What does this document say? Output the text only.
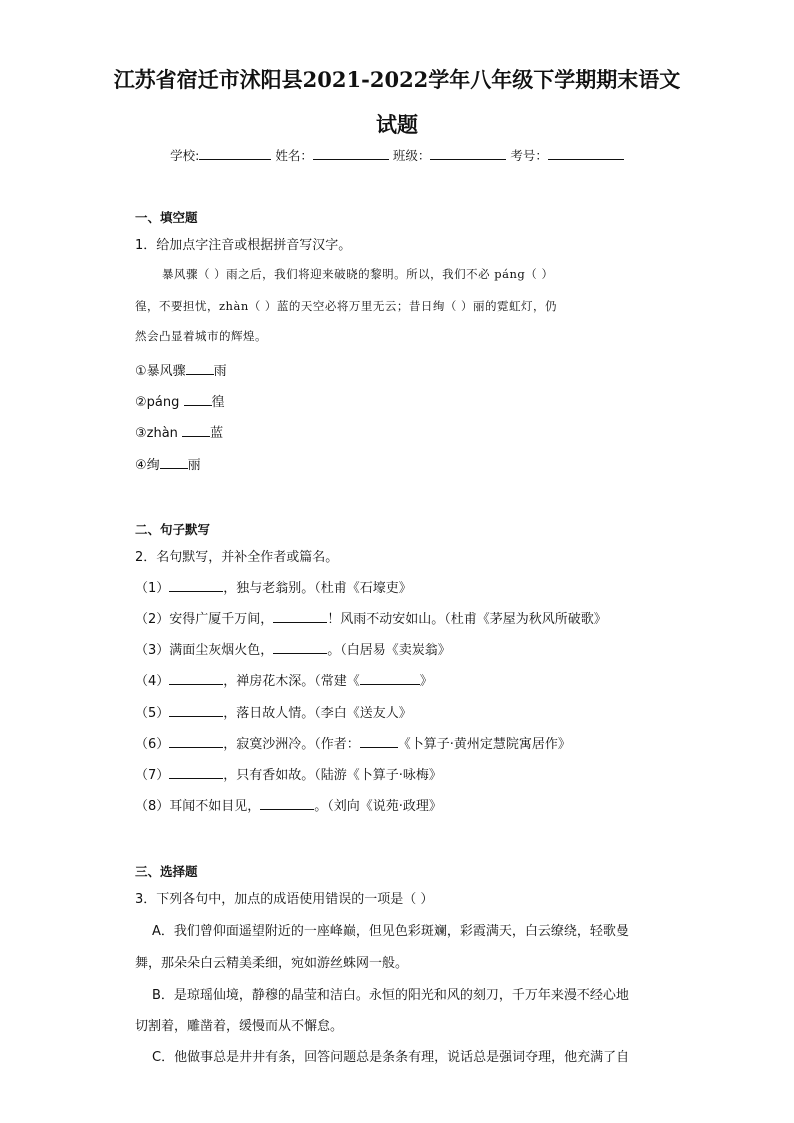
江苏省宿迁市沭阳县2021-2022学年八年级下学期期末语文
试题
学校:	姓名：	班级：	考号：
一、填空题
1．给加点字注音或根据拼音写汉字。
暴风骤（ ）雨之后，我们将迎来破晓的黎明。所以，我们不必 páng（ ）
徨，不要担忧，zhàn（ ）蓝的天空必将万里无云；昔日绚（ ）丽的霓虹灯，仍
然会凸显着城市的辉煌。
①暴风骤 雨
②páng 徨
③zhàn 蓝
④绚 丽
二、句子默写
2．名句默写，并补全作者或篇名。
（1）	，独与老翁别。（杜甫《石壕吏》
（2）安得广厦千万间，	！风雨不动安如山。（杜甫《茅屋为秋风所破歌》
（3）满面尘灰烟火色，	。（白居易《卖炭翁》
（4）	，禅房花木深。（常建《	》
（5）	，落日故人情。（李白《送友人》
（6）	，寂寞沙洲冷。（作者：	《卜算子·黄州定慧院寓居作》
（7）	，只有香如故。（陆游《卜算子·咏梅》
（8）耳闻不如目见，	。（刘向《说苑·政理》
三、选择题
3．下列各句中，加点的成语使用错误的一项是（ ）
A．我们曾仰面遥望附近的一座峰巅，但见色彩斑斓，彩霞满天，白云缭绕，轻歌曼
舞，那朵朵白云精美柔细，宛如游丝蛛网一般。
B．是琼瑶仙境，静穆的晶莹和洁白。永恒的阳光和风的刻刀，千万年来漫不经心地
切割着，雕凿着，缓慢而从不懈怠。
C．他做事总是井井有条，回答问题总是条条有理，说话总是强词夺理，他充满了自
